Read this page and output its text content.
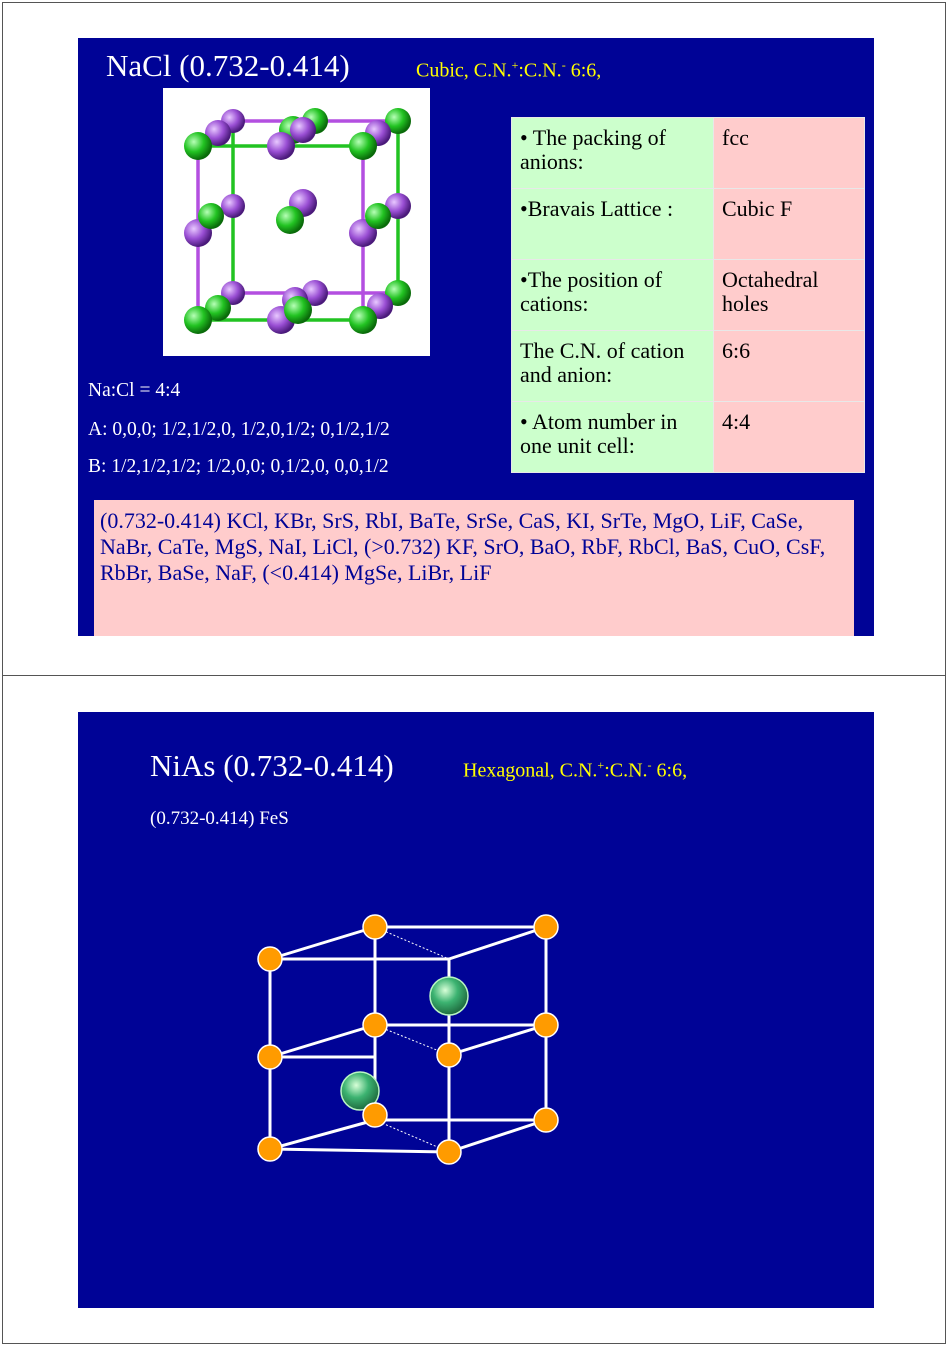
NaCl (0.732-0.414)	Cubic, C.N.+:C.N.- 6:6,
Na:Cl = 4:4
A: 0,0,0; 1/2,1/2,0, 1/2,0,1/2; 0,1/2,1/2
B: 1/2,1/2,1/2; 1/2,0,0; 0,1/2,0, 0,0,1/2
• The packing of anions:	fcc
•Bravais Lattice :	Cubic F
•The position of cations:	Octahedral holes
The C.N. of cation and anion:	6:6
• Atom number in one unit cell:	4:4
(0.732-0.414) KCl, KBr, SrS, RbI, BaTe, SrSe, CaS, KI, SrTe, MgO, LiF, CaSe, NaBr, CaTe, MgS, NaI, LiCl, (>0.732) KF, SrO, BaO, RbF, RbCl, BaS, CuO, CsF, RbBr, BaSe, NaF, (<0.414) MgSe, LiBr, LiF
NiAs (0.732-0.414)	Hexagonal, C.N.+:C.N.- 6:6,
(0.732-0.414) FeS
